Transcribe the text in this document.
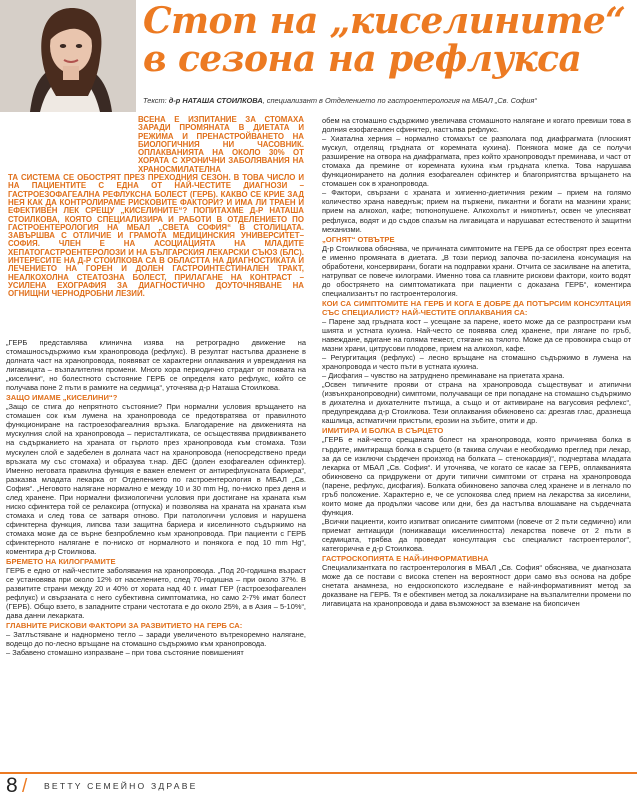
Стоп на „киселините“
в сезона на рефлукса
Текст: д-р НАТАША СТОИЛКОВА, специализант в Отделението по гастроентерология на МБАЛ „Св. София“

ВСЕНА Е ИЗПИТАНИЕ ЗА СТОМАХА ЗАРАДИ ПРОМЯНАТА В ДИЕТАТА И РЕЖИМА И ПРЕНАСТРОЙВАНЕТО НА БИОЛОГИЧНИЯ НИ ЧАСОВНИК. ОПЛАКВАНИЯТА НА ОКОЛО 30% ОТ ХОРАТА С ХРОНИЧНИ ЗАБОЛЯВАНИЯ НА ХРАНОСМИЛАТЕЛНА

ТА СИСТЕМА СЕ ОБОСТРЯТ ПРЕЗ ПРЕХОДНИЯ СЕЗОН. В ТОВА ЧИСЛО И НА ПАЦИЕНТИТЕ С ЕДНА ОТ НАЙ-ЧЕСТИТЕ ДИАГНОЗИ – ГАСТРОЕЗОФАГЕАЛНА РЕФЛУКСНА БОЛЕСТ (ГЕРБ). КАКВО СЕ КРИЕ ЗАД НЕЯ КАК ДА КОНТРОЛИРАМЕ РИСКОВИТЕ ФАКТОРИ? И ИМА ЛИ ТРАЕН И ЕФЕКТИВЕН ЛЕК СРЕЩУ „КИСЕЛИНИТЕ“? ПОПИТАХМЕ Д-Р НАТАША СТОИЛКОВА, КОЯТО СПЕЦИАЛИЗИРА И РАБОТИ В ОТДЕЛЕНИЕТО ПО ГАСТРОЕНТЕРОЛОГИЯ НА МБАЛ „СВЕТА СОФИЯ“ В СТОЛИЦАТА. ЗАВЪРШВА С ОТЛИЧИЕ И ГРАМОТА МЕДИЦИНСКИЯ УНИВЕРСИТЕТ–СОФИЯ. ЧЛЕН Е НА АСОЦИАЦИЯТА НА МЛАДИТЕ ХЕПАТОГАСТРОЕНТЕРОЛОЗИ И НА БЪЛГАРСКИЯ ЛЕКАРСКИ СЪЮЗ (БЛС). ИНТЕРЕСИТЕ НА Д-Р СТОИЛКОВА СА В ОБЛАСТТА НА ДИАГНОСТИКАТА И ЛЕЧЕНИЕТО НА ГОРЕН И ДОЛЕН ГАСТРОИНТЕСТИНАЛЕН ТРАКТ, НЕАЛКОХОЛНА СТЕАТОЗНА БОЛЕСТ, ПРИЛАГАНЕ НА КОНТРАСТ – УСИЛЕНА ЕХОГРАФИЯ ЗА ДИАГНОСТИЧНО ДОУТОЧНЯВАНЕ НА ОГНИЩНИ ЧЕРНОДРОБНИ ЛЕЗИИ.

„ГЕРБ представлява клинична изява на ретроградно движение на стомашносъдържимо към хранопровода (рефлукс). В резултат настъпва дразнене в долната част на хранопровода, появяват се характерни оплаквания и увреждания на лигавицата – възпалителни промени. Много хора периодично страдат от появата на „киселини“, но болестното състояние ГЕРБ се определя като рефлукс, който се получава поне 2 пъти в рамките на седмица“, уточнява д-р Наташа Стоилкова.

ЗАЩО ИМАМЕ „КИСЕЛИНИ“?

„Защо се стига до непрятното състояние? При нормални условия връщането на стомашен сок към лумена на хранопровода се предотвратява от правилното функциониране на гастроезофагеалния връзка. Благодарение на движенията на мускулния слой на хранопровода – перисталтиката, се осъществява придвижването на съдържанието на храната от гърлото през хранопровода към стомаха. Този мускулен слой е задебелен в долната част на хранопровода (непосредствено преди връзката му със стомаха) и образува т.нар. ДЕС (долен езофагеален сфинктер). Именно неговата правилна функция е важен елемент от антирефлуксната бариера“, разказва младата лекарка от Отделението по гастроентерология в МБАЛ „Св. София“. „Неговото налягане нормално е между 10 и 30 mm Hg, по-ниско през деня и след хранене. При нормални физиологични условия при достигане на храната към ниско сфинктера той се релаксира (отпуска) и позволява на храната на храната към стомаха и след това се затваря отново. При патологични условия и нарушена сфинктерна функция, липсва тази защитна бариера и киселинното съдържимо на стомаха може да се върне безпроблемно към хранопровода. При пациенти с ГЕРБ сфинктерното налягане е по-ниско от нормалното и понякога е под 10 mm Hg“, коментира д-р Стоилкова.

БРЕМЕТО НА КИЛОГРАМИТЕ

ГЕРБ е едно от най-честите заболявания на хранопровода. „Под 20-годишна възраст се установява при около 12% от населението, след 70-годишна – при около 37%. В развитите страни между 20 и 40% от хората над 40 г. имат ГЕР (гастроезофагеален рефлукс) и свързаната с него субективна симптоматика, но само 2-7% имат болест (ГЕРБ). Общо взето, в западните страни честотата е до около 25%, а в Азия – 5-10%“, дава данни лекарката.

ГЛАВНИТЕ РИСКОВИ ФАКТОРИ ЗА РАЗВИТИЕТО НА ГЕРБ СА:

– Затлъстяване и наднормено тегло – заради увеличеното вътрекоремно налягане, водещо до по-лесно връщане на стомашно съдържимо към хранопровода.

– Забавено стомашно изпразване – при това състояние повишеният

обем на стомашно съдържимо увеличава стомашното налягане и когато превиши това в долния езофагеален сфинктер, настъпва рефлукс.

– Хиатална херния – нормално стомахът се разполага под диафрагмата (плоският мускул, отделящ гръдната от коремната кухина). Понякога може да се получи разширение на отвора на диафрагмата, през който хранопроводът преминава, и част от стомаха да премине от коремната кухина към гръдната клетка. Това нарушава функционирането на долния езофагеален сфинктер и благоприятства връщането на стомашен сок в хранопровода.

– Фактори, свързани с храната и хигиенно-диетичния режим – прием на голямо количество храна наведнъж; прием на пържени, пикантни и богати на мазнини храни; прием на алкохол, кафе; тютюнопушене. Алкохолът и никотинът, освен че улесняват рефлукса, водят и до съдов спазъм на лигавицата и нарушават естественото ѝ защитни механизми.

„ОГНЯТ“ ОТВЪТРЕ

Д-р Стоилкова обяснява, че причината симптомите на ГЕРБ да се обострят през есента е именно промяната в диетата. „В този период започва по-засилена консумация на обработени, консервирани, богати на подправки храни. Отчита се засилване на апетита, натрупват се повече килограми. Именно това са главните рискови фактори, които водят до обострянето на симптоматиката при пациенти с доказана ГЕРБ“, коментира специализантът по гастроентерология.

КОИ СА СИМПТОМИТЕ НА ГЕРБ И КОГА Е ДОБРЕ ДА ПОТЪРСИМ КОНСУЛТАЦИЯ СЪС СПЕЦИАЛИСТ? НАЙ-ЧЕСТИТЕ ОПЛАКВАНИЯ СА:

– Парене зад гръдната кост – усещане за парене, което може да се разпространи към шията и устната кухина. Най-често се появява след хранене, при лягане по гръб, навеждане, вдигане на голяма тежест, стягане на тялото. Може да се провокира също от мазни храни, цитрусови плодове, прием на алкохол, кафе.

– Регургитация (рефлукс) – лесно връщане на стомашно съдържимо в лумена на хранопровода и често пъти в устната кухина.

– Дисфагия – чувство на затруднено преминаване на приетата храна.

„Освен типичните прояви от страна на хранопровода съществуват и атипични (извънхранопроводни) симптоми, получаващи се при попадане на стомашно съдържимо в дихателна и дихателните пътища, а също и от активиране на вагусовия рефлекс“, предупреждава д-р Стоилкова. Тези оплаквания обикновено са: дрезгав глас, дразнеща кашлица, астматични пристъпи, ерозии на зъбите, отити и др.

ИМИТИРА И БОЛКА В СЪРЦЕТО

„ГЕРБ е най-често срещаната болест на хранопровода, която причинява болка в гърдите, имитираща болка в сърцето (в такива случаи е необходимо преглед при лекар, за да се изключи сърдечен произход на болката – стенокардия)“, подчертава младата лекарка от МБАЛ „Св. София“. И уточнява, че когато се касае за ГЕРБ, оплакванията обикновено са придружени от други типични симптоми от страна на хранопровода (парене, рефлукс, дисфагия). Болката обикновено започва след хранене и в легнало по гръб положение. Характерно е, че се успокоява след прием на лекарства за киселини, които може да продължи часове или дни, без да настъпва влошаване на сърдечната функция.

„Всички пациенти, които изпитват описаните симптоми (повече от 2 пъти седмично) или приемат антиациди (понижаващи киселинността) лекарства повече от 2 пъти в седмицата, трябва да проведат консултация със специалист гастроентеролог“, категорична е д-р Стоилкова.

ГАСТРОСКОПИЯТА Е НАЙ-ИНФОРМАТИВНА

Специализантката по гастроентерология в МБАЛ „Св. София“ обяснява, че диагнозата може да се постави с висока степен на вероятност дори само въз основа на добре снетата анамнеза, но ендоскопското изследване е най-информативният метод за доказване на ГЕРБ. Тя е обективен метод за локализиране на възпалителни промени по лигавицата на хранопровода и дава възможност за вземане на биопсичен

8 / BETTY СЕМЕЙНО ЗДРАВЕ
